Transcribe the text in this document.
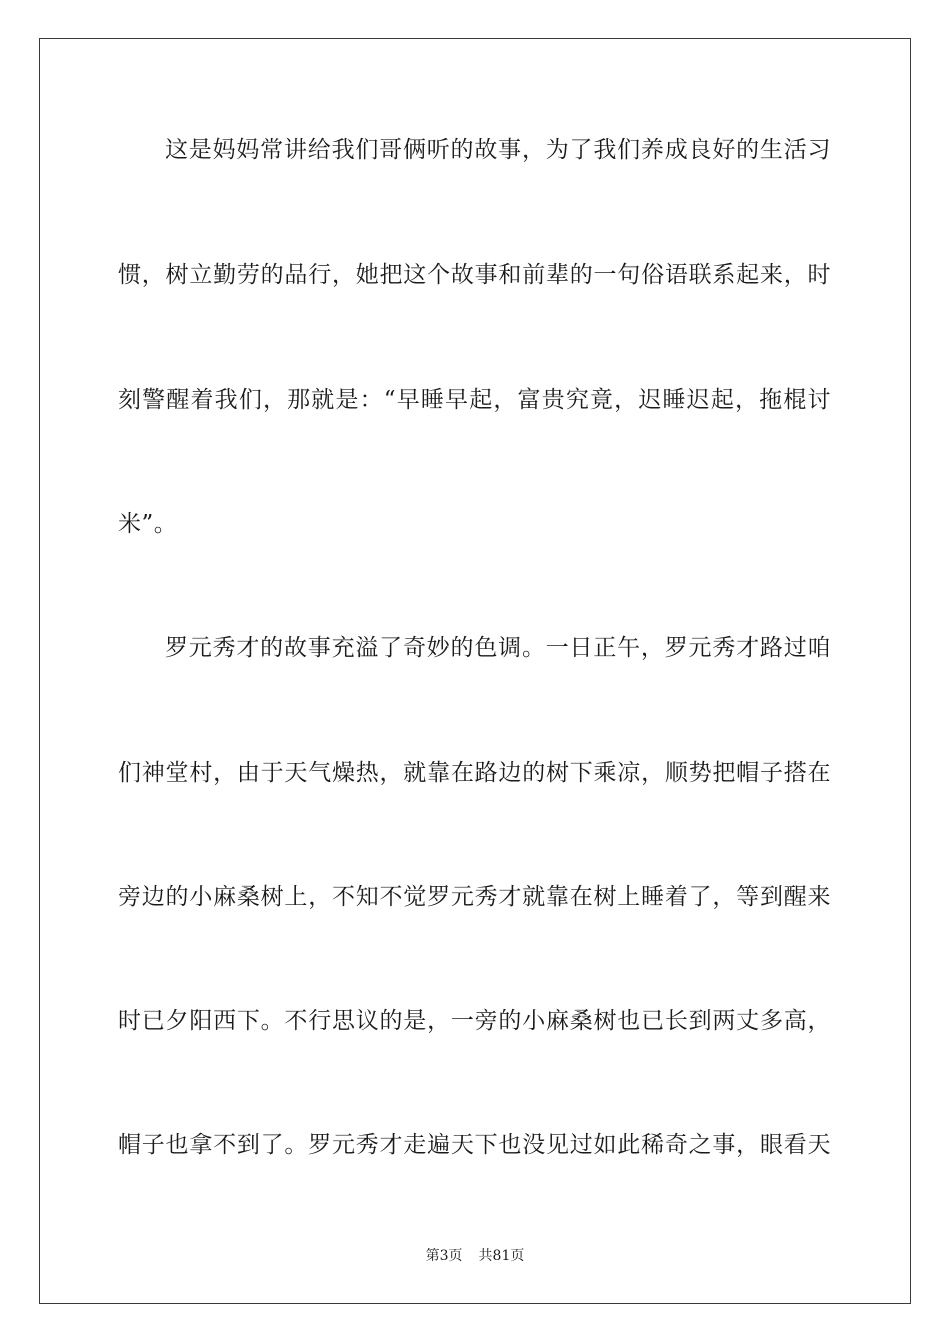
这是妈妈常讲给我们哥俩听的故事，为了我们养成良好的生活习
惯，树立勤劳的品行，她把这个故事和前辈的一句俗语联系起来，时
刻警醒着我们，那就是：“早睡早起，富贵究竟，迟睡迟起，拖棍讨
米”。
罗元秀才的故事充溢了奇妙的色调。一日正午，罗元秀才路过咱
们神堂村，由于天气燥热，就靠在路边的树下乘凉，顺势把帽子搭在
旁边的小麻桑树上，不知不觉罗元秀才就靠在树上睡着了，等到醒来
时已夕阳西下。不行思议的是，一旁的小麻桑树也已长到两丈多高，
帽子也拿不到了。罗元秀才走遍天下也没见过如此稀奇之事，眼看天
第3页 共81页
